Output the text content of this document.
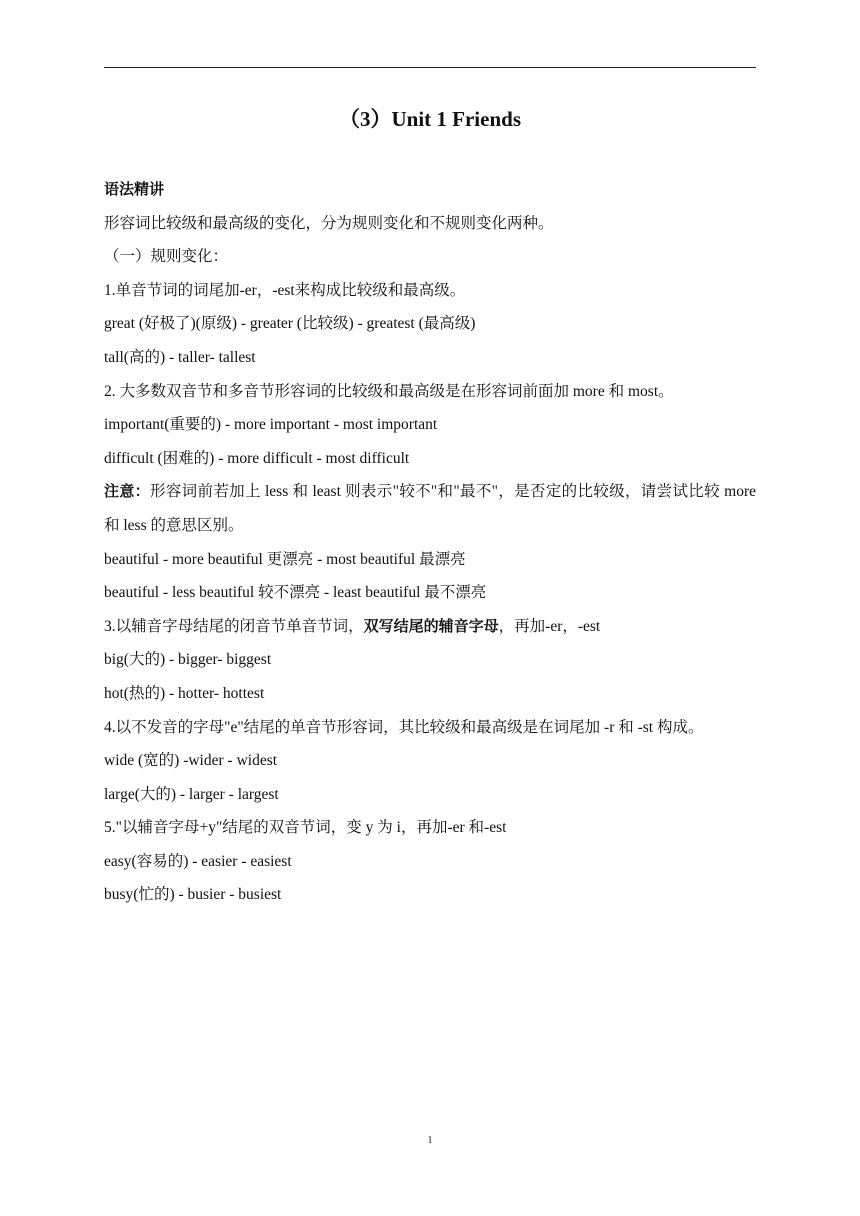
（3）Unit 1 Friends
语法精讲
形容词比较级和最高级的变化，分为规则变化和不规则变化两种。
（一）规则变化：
1.单音节词的词尾加-er，-est来构成比较级和最高级。
great (好极了)(原级) - greater (比较级) - greatest (最高级)
tall(高的) - taller- tallest
2. 大多数双音节和多音节形容词的比较级和最高级是在形容词前面加 more 和 most。
important(重要的) - more important - most important
difficult (困难的) - more difficult - most difficult
注意：形容词前若加上 less 和 least 则表示"较不"和"最不"，是否定的比较级，请尝试比较 more 和 less 的意思区别。
beautiful - more beautiful 更漂亮 - most beautiful 最漂亮
beautiful - less beautiful 较不漂亮 - least beautiful 最不漂亮
3.以辅音字母结尾的闭音节单音节词，双写结尾的辅音字母，再加-er，-est
big(大的) - bigger- biggest
hot(热的) - hotter- hottest
4.以不发音的字母"e"结尾的单音节形容词，其比较级和最高级是在词尾加 -r 和 -st 构成。
wide (宽的) -wider - widest
large(大的) - larger - largest
5."以辅音字母+y"结尾的双音节词，变 y 为 i，再加-er 和-est
easy(容易的) - easier - easiest
busy(忙的) - busier - busiest
1
